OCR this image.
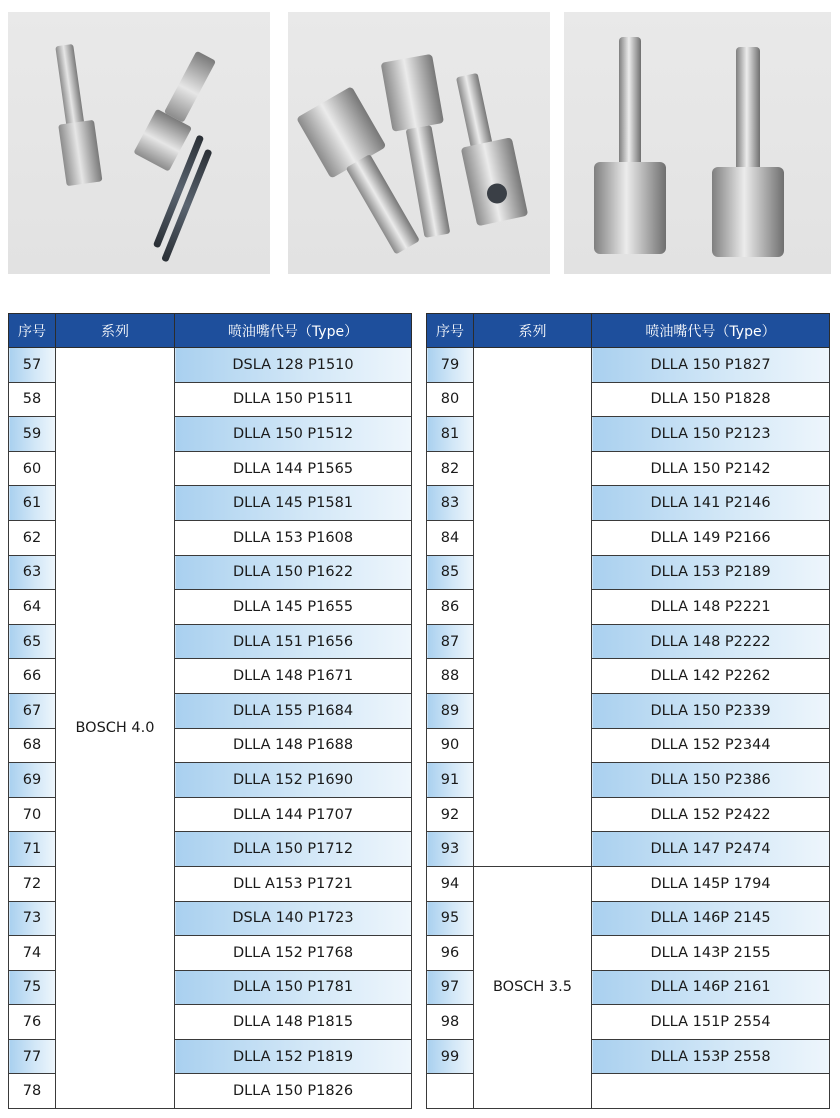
序号	系列	喷油嘴代号（Type）
57	BOSCH 4.0	DSLA 128 P1510
58		DLLA 150 P1511
59		DLLA 150 P1512
60		DLLA 144 P1565
61		DLLA 145 P1581
62		DLLA 153 P1608
63		DLLA 150 P1622
64		DLLA 145 P1655
65		DLLA 151 P1656
66		DLLA 148 P1671
67		DLLA 155 P1684
68		DLLA 148 P1688
69		DLLA 152 P1690
70		DLLA 144 P1707
71		DLLA 150 P1712
72		DLL A153 P1721
73		DSLA 140 P1723
74		DLLA 152 P1768
75		DLLA 150 P1781
76		DLLA 148 P1815
77		DLLA 152 P1819
78		DLLA 150 P1826
序号	系列	喷油嘴代号（Type）
79		DLLA 150 P1827
80		DLLA 150 P1828
81		DLLA 150 P2123
82		DLLA 150 P2142
83		DLLA 141 P2146
84		DLLA 149 P2166
85		DLLA 153 P2189
86		DLLA 148 P2221
87		DLLA 148 P2222
88		DLLA 142 P2262
89		DLLA 150 P2339
90		DLLA 152 P2344
91		DLLA 150 P2386
92		DLLA 152 P2422
93		DLLA 147 P2474
94	BOSCH 3.5	DLLA 145P 1794
95		DLLA 146P 2145
96		DLLA 143P 2155
97		DLLA 146P 2161
98		DLLA 151P 2554
99		DLLA 153P 2558
